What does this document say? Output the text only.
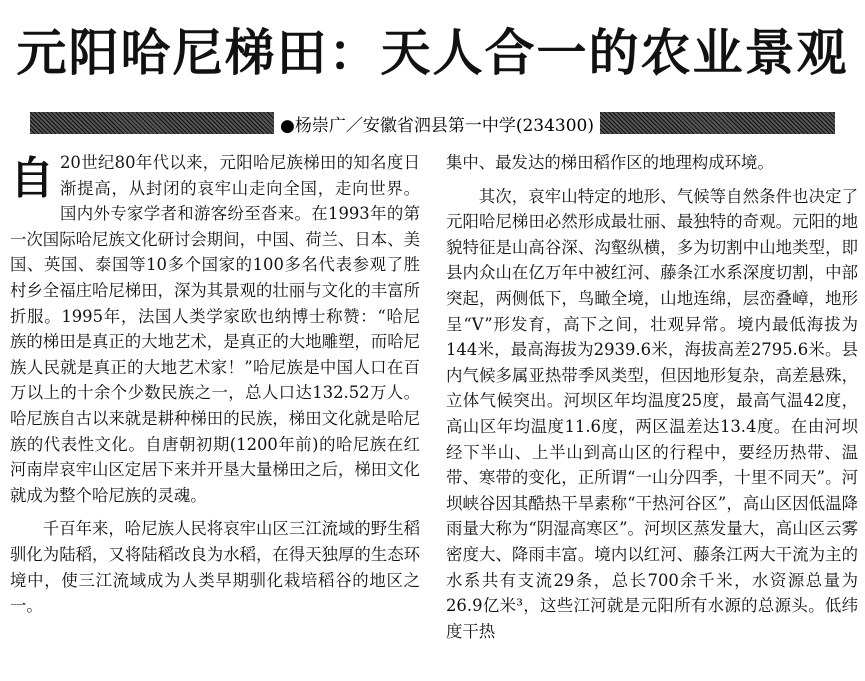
元阳哈尼梯田：天人合一的农业景观
●杨崇广／安徽省泗县第一中学(234300)
自 20世纪80年代以来，元阳哈尼族梯田的知名度日渐提高，从封闭的哀牢山走向全国，走向世界。国内外专家学者和游客纷至沓来。在1993年的第一次国际哈尼族文化研讨会期间，中国、荷兰、日本、美国、英国、泰国等10多个国家的100多名代表参观了胜村乡全福庄哈尼梯田，深为其景观的壮丽与文化的丰富所折服。1995年，法国人类学家欧也纳博士称赞：“哈尼族的梯田是真正的大地艺术，是真正的大地雕塑，而哈尼族人民就是真正的大地艺术家！”哈尼族是中国人口在百万以上的十余个少数民族之一，总人口达132.52万人。哈尼族自古以来就是耕种梯田的民族，梯田文化就是哈尼族的代表性文化。自唐朝初期(1200年前)的哈尼族在红河南岸哀牢山区定居下来并开垦大量梯田之后，梯田文化就成为整个哈尼族的灵魂。

千百年来，哈尼族人民将哀牢山区三江流域的野生稻驯化为陆稻，又将陆稻改良为水稻，在得天独厚的生态环境中，使三江流域成为人类早期驯化栽培稻谷的地区之一。

集中、最发达的梯田稻作区的地理构成环境。

其次，哀牢山特定的地形、气候等自然条件也决定了元阳哈尼梯田必然形成最壮丽、最独特的奇观。元阳的地貌特征是山高谷深、沟壑纵横，多为切割中山地类型，即县内众山在亿万年中被红河、藤条江水系深度切割，中部突起，两侧低下，鸟瞰全境，山地连绵，层峦叠嶂，地形呈“V”形发育，高下之间，壮观异常。境内最低海拔为144米，最高海拔为2939.6米，海拔高差2795.6米。县内气候多属亚热带季风类型，但因地形复杂，高差悬殊，立体气候突出。河坝区年均温度25度，最高气温42度，高山区年均温度11.6度，两区温差达13.4度。在由河坝经下半山、上半山到高山区的行程中，要经历热带、温带、寒带的变化，正所谓“一山分四季，十里不同天”。河坝峡谷因其酷热干旱素称“干热河谷区”，高山区因低温降雨量大称为“阴湿高寒区”。河坝区蒸发量大，高山区云雾密度大、降雨丰富。境内以红河、藤条江两大干流为主的水系共有支流29条，总长700余千米，水资源总量为26.9亿米³，这些江河就是元阳所有水源的总源头。低纬度干热
